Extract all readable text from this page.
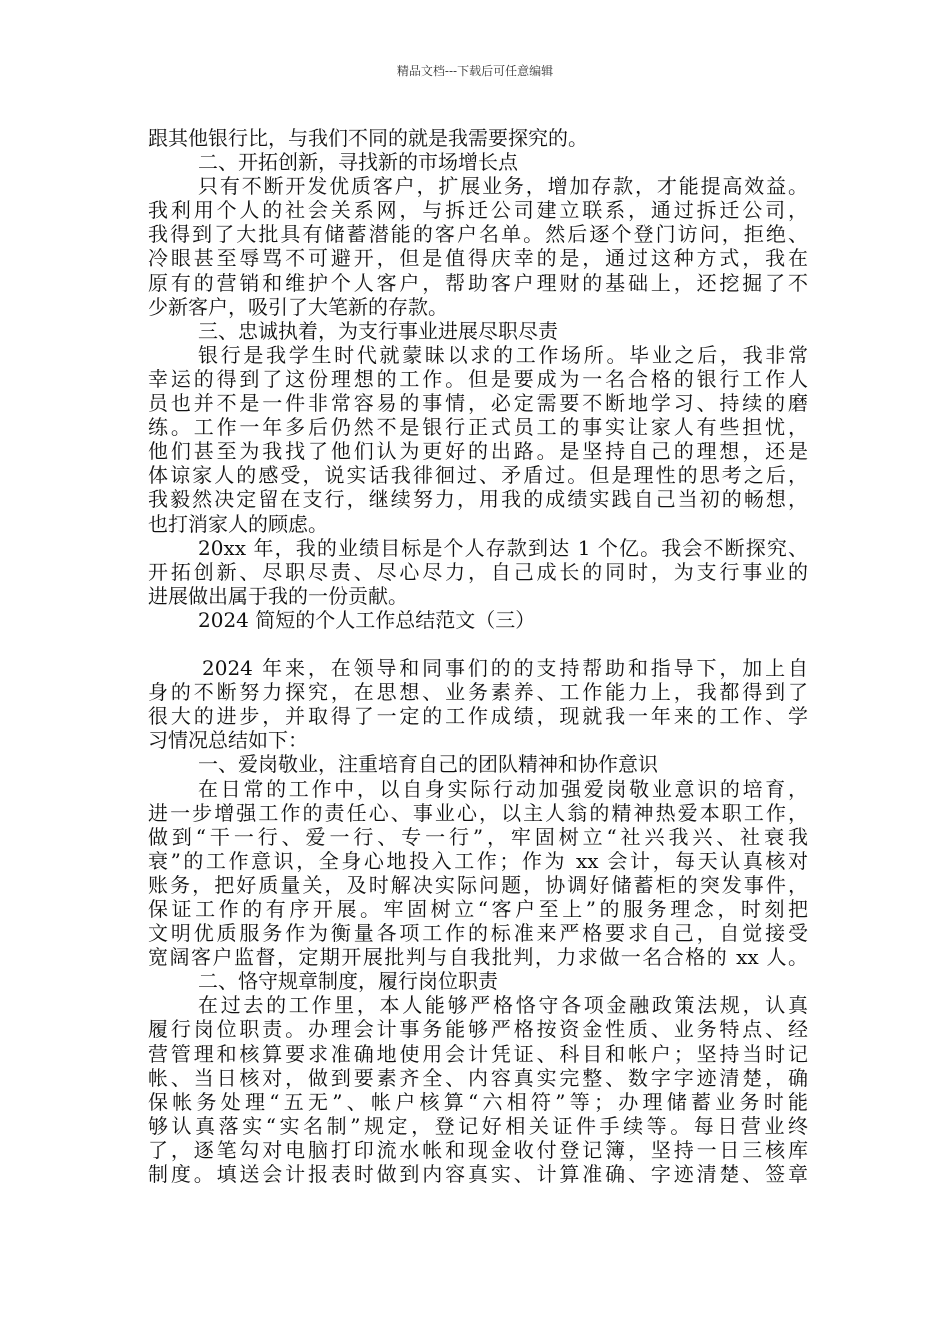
精品文档---下载后可任意编辑
跟其他银行比，与我们不同的就是我需要探究的。
二、开拓创新，寻找新的市场增长点
只有不断开发优质客户，扩展业务，增加存款，才能提高效益。
我利用个人的社会关系网，与拆迁公司建立联系，通过拆迁公司，
我得到了大批具有储蓄潜能的客户名单。然后逐个登门访问，拒绝、
冷眼甚至辱骂不可避开，但是值得庆幸的是，通过这种方式，我在
原有的营销和维护个人客户，帮助客户理财的基础上，还挖掘了不
少新客户，吸引了大笔新的存款。
三、忠诚执着，为支行事业进展尽职尽责
银行是我学生时代就蒙昧以求的工作场所。毕业之后，我非常
幸运的得到了这份理想的工作。但是要成为一名合格的银行工作人
员也并不是一件非常容易的事情，必定需要不断地学习、持续的磨
练。工作一年多后仍然不是银行正式员工的事实让家人有些担忧，
他们甚至为我找了他们认为更好的出路。是坚持自己的理想，还是
体谅家人的感受，说实话我徘徊过、矛盾过。但是理性的思考之后，
我毅然决定留在支行，继续努力，用我的成绩实践自己当初的畅想，
也打消家人的顾虑。
20xx 年，我的业绩目标是个人存款到达 1 个亿。我会不断探究、
开拓创新、尽职尽责、尽心尽力，自己成长的同时，为支行事业的
进展做出属于我的一份贡献。
2024 简短的个人工作总结范文（三）
2024 年来，在领导和同事们的的支持帮助和指导下，加上自
身的不断努力探究，在思想、业务素养、工作能力上，我都得到了
很大的进步，并取得了一定的工作成绩，现就我一年来的工作、学
习情况总结如下：
一、爱岗敬业，注重培育自己的团队精神和协作意识
在日常的工作中，以自身实际行动加强爱岗敬业意识的培育，
进一步增强工作的责任心、事业心，以主人翁的精神热爱本职工作，
做到“干一行、爱一行、专一行”，牢固树立“社兴我兴、社衰我
衰”的工作意识，全身心地投入工作；作为 xx 会计，每天认真核对
账务，把好质量关，及时解决实际问题，协调好储蓄柜的突发事件，
保证工作的有序开展。牢固树立“客户至上”的服务理念，时刻把
文明优质服务作为衡量各项工作的标准来严格要求自己，自觉接受
宽阔客户监督，定期开展批判与自我批判，力求做一名合格的 xx 人。
二、恪守规章制度，履行岗位职责
在过去的工作里，本人能够严格恪守各项金融政策法规，认真
履行岗位职责。办理会计事务能够严格按资金性质、业务特点、经
营管理和核算要求准确地使用会计凭证、科目和帐户；坚持当时记
帐、当日核对，做到要素齐全、内容真实完整、数字字迹清楚，确
保帐务处理“五无”、帐户核算“六相符”等；办理储蓄业务时能
够认真落实“实名制”规定，登记好相关证件手续等。每日营业终
了，逐笔勾对电脑打印流水帐和现金收付登记簿，坚持一日三核库
制度。填送会计报表时做到内容真实、计算准确、字迹清楚、签章
